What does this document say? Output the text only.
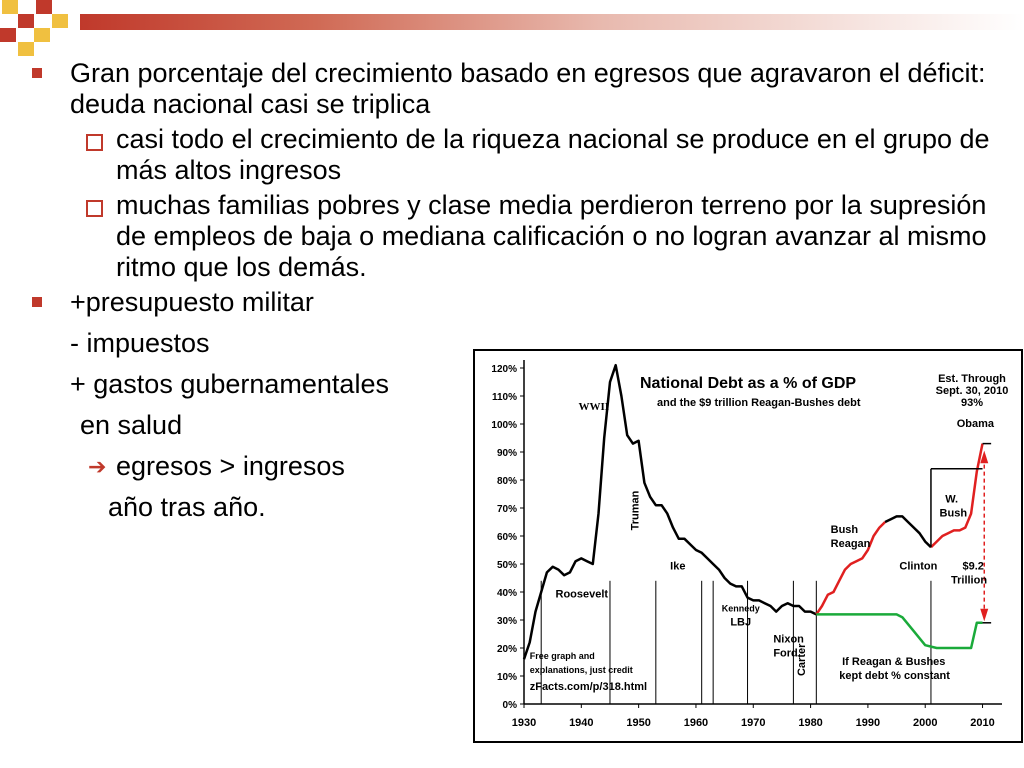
Gran porcentaje del crecimiento basado en egresos que agravaron el déficit: deuda nacional casi se triplica
casi todo el crecimiento de la riqueza nacional se produce en el grupo de más altos ingresos
muchas familias pobres y clase media perdieron terreno por la supresión de empleos de baja o mediana calificación o no logran avanzar al mismo ritmo que los demás.
+presupuesto militar
- impuestos
+ gastos gubernamentales
en salud
➔ egresos > ingresos
año tras año.
0%
10%
20%
30%
40%
50%
60%
70%
80%
90%
100%
110%
120%
1930	1940	1950	1960	1970	1980	1990	2000	2010
WWII
Roosevelt
Truman
Ike
Kennedy
LBJ
Nixon
Ford
Carter
Bush
Reagan
Clinton
W.
Bush
Obama
$9.2
Trillion
If Reagan & Bushes
kept debt % constant
Free graph and
explanations, just credit
zFacts.com/p/318.html
National Debt as a % of GDP
and the $9 trillion Reagan-Bushes debt
Est. Through
Sept. 30, 2010
93%
